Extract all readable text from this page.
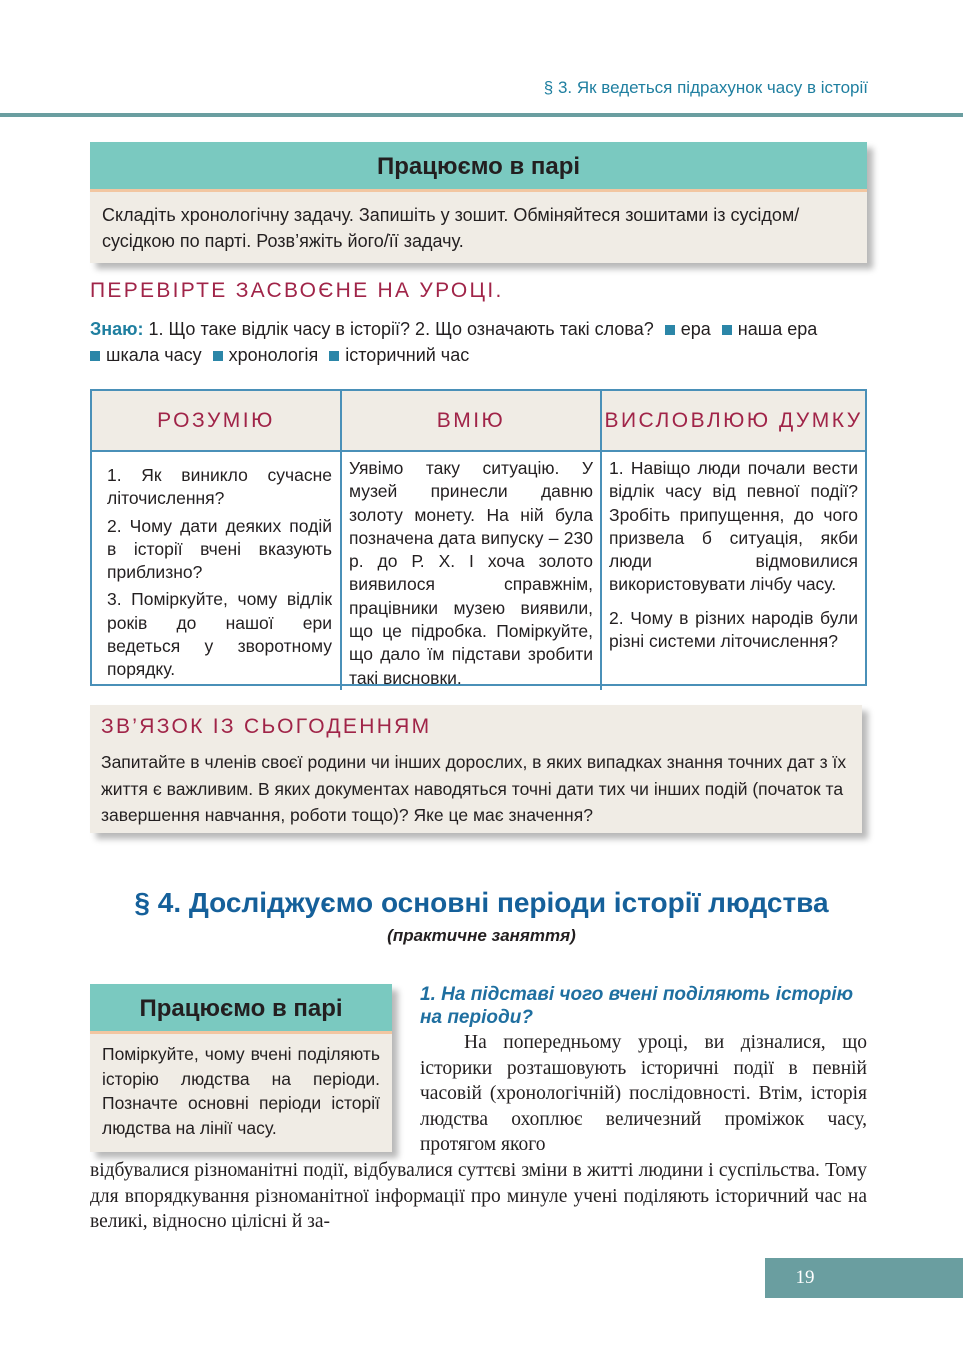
§ 3. Як ведеться підрахунок часу в історії
Працюємо в парі
Складіть хронологічну задачу. Запишіть у зошит. Обміняйтеся зошитами із сусідом/ сусідкою по парті. Розв’яжіть його/її задачу.
ПЕРЕВІРТЕ ЗАСВОЄНЕ НА УРОЦІ.
Знаю: 1. Що таке відлік часу в історії? 2. Що означають такі слова? ера наша ера
шкала часу хронологія історичний час
РОЗУМІЮ	ВМІЮ	ВИСЛОВЛЮЮ ДУМКУ

1. Як виникло сучасне літочислення?

2. Чому дати деяких подій в історії вчені вказують приблизно?

3. Поміркуйте, чому відлік років до нашої ери ведеться у зворотному порядку.

Уявімо таку ситуацію. У музей принесли давню золоту монету. На ній була позначена дата випуску – 230 р. до Р. Х. І хоча золото виявилося справжнім, працівники музею виявили, що це підробка. Поміркуйте, що дало їм підстави зробити такі висновки.

1. Навіщо люди почали вести відлік часу від певної події? Зробіть припущення, до чого призвела б ситуація, якби люди відмовилися використовувати лічбу часу.

2. Чому в різних народів були різні системи літочислення?

ЗВ’ЯЗОК ІЗ СЬОГОДЕННЯМ
Запитайте в членів своєї родини чи інших дорослих, в яких випадках знання точних дат з їх життя є важливим. В яких документах наводяться точні дати тих чи інших подій (початок та завершення навчання, роботи тощо)? Яке це має значення?
§ 4. Досліджуємо основні періоди історії людства
(практичне заняття)
Працюємо в парі
Поміркуйте, чому вчені поділяють історію людства на періоди. Позначте основні періоди історії людства на лінії часу.
1. На підставі чого вчені поділяють історію на періоди?
На попередньому уроці, ви дізналися, що історики розташовують історичні події в певній часовій (хронологічній) послідовності. Втім, історія людства охоплює величезний проміжок часу, протягом якого
відбувалися різноманітні події, відбувалися суттєві зміни в житті людини і суспільства. Тому для впорядкування різноманітної інформації про минуле учені поділяють історичний час на великі, відносно цілісні й за-
19
